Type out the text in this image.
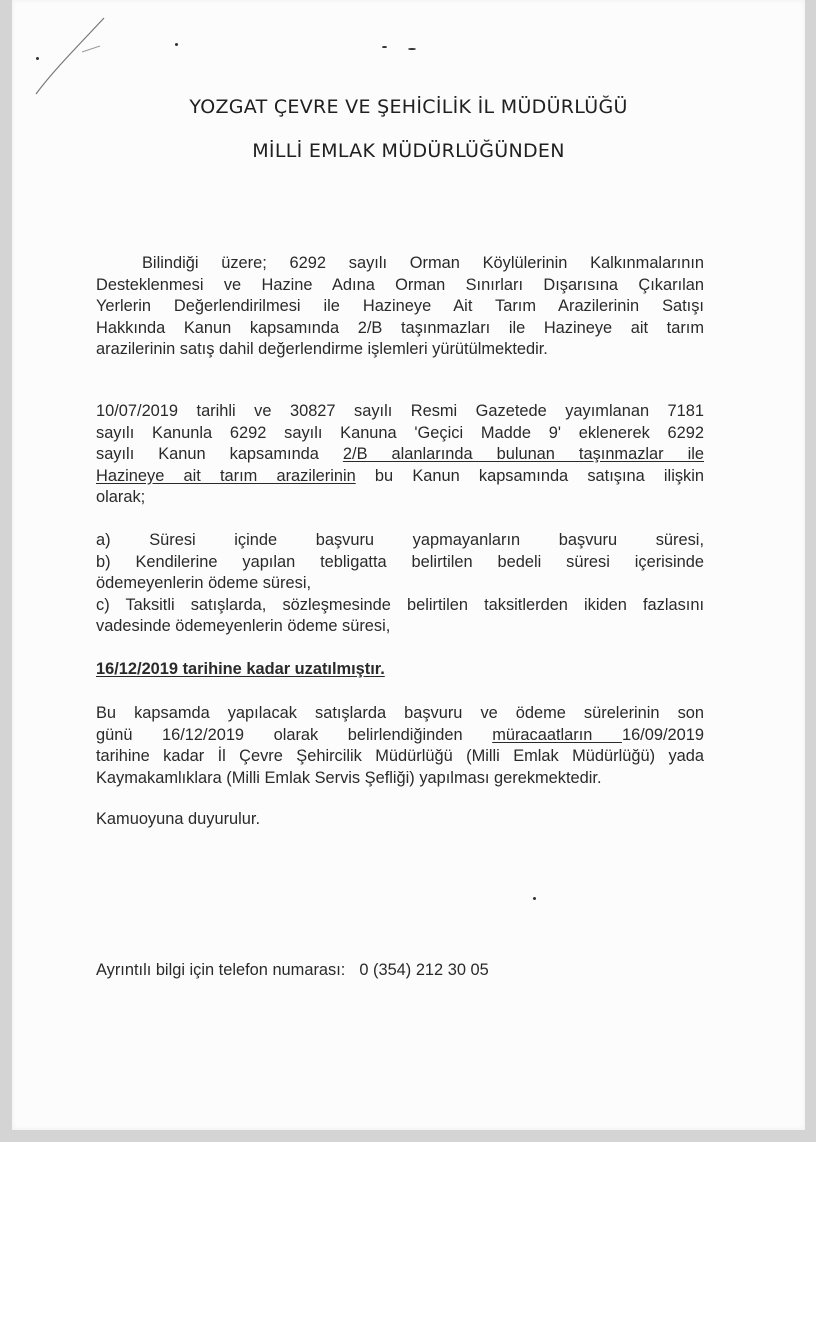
YOZGAT ÇEVRE VE ŞEHİCİLİK İL MÜDÜRLÜĞÜ
MİLLİ EMLAK MÜDÜRLÜĞÜNDEN
Bilindiği üzere; 6292 sayılı Orman Köylülerinin Kalkınmalarının
Desteklenmesi ve Hazine Adına Orman Sınırları Dışarısına Çıkarılan
Yerlerin Değerlendirilmesi ile Hazineye Ait Tarım Arazilerinin Satışı
Hakkında Kanun kapsamında 2/B taşınmazları ile Hazineye ait tarım
arazilerinin satış dahil değerlendirme işlemleri yürütülmektedir.
10/07/2019 tarihli ve 30827 sayılı Resmi Gazetede yayımlanan 7181
sayılı Kanunla 6292 sayılı Kanuna 'Geçici Madde 9' eklenerek 6292
sayılı Kanun kapsamında 2/B alanlarında bulunan taşınmazlar ile
Hazineye ait tarım arazilerinin bu Kanun kapsamında satışına ilişkin
olarak;
a) Süresi içinde başvuru yapmayanların başvuru süresi,
b) Kendilerine yapılan tebligatta belirtilen bedeli süresi içerisinde
ödemeyenlerin ödeme süresi,
c) Taksitli satışlarda, sözleşmesinde belirtilen taksitlerden ikiden fazlasını
vadesinde ödemeyenlerin ödeme süresi,
16/12/2019 tarihine kadar uzatılmıştır.
Bu kapsamda yapılacak satışlarda başvuru ve ödeme sürelerinin son
günü 16/12/2019 olarak belirlendiğinden müracaatların 16/09/2019
tarihine kadar İl Çevre Şehircilik Müdürlüğü (Milli Emlak Müdürlüğü) yada
Kaymakamlıklara (Milli Emlak Servis Şefliği) yapılması gerekmektedir.
Kamuoyuna duyurulur.
Ayrıntılı bilgi için telefon numarası: 0 (354) 212 30 05
